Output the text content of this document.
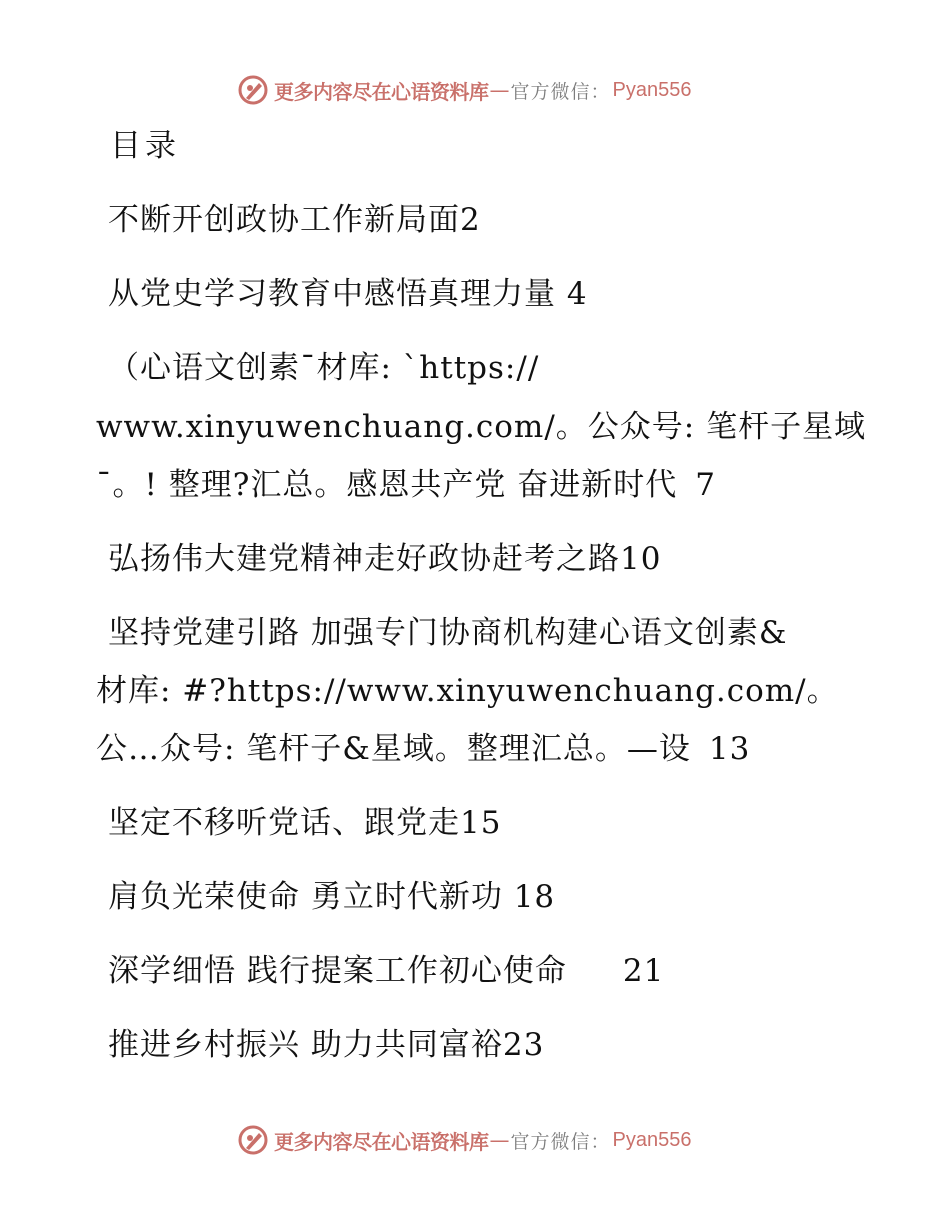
更多内容尽在心语资料库 — 官方微信： Pyan556
目录
不断开创政协工作新局面2
从党史学习教育中感悟真理力量 4
（心语文创素¯材库: `https://
www.xinyuwenchuang.com/。公众号: 笔杆子星域
¯。! 整理?汇总。感恩共产党 奋进新时代 7
弘扬伟大建党精神走好政协赶考之路10
坚持党建引路 加强专门协商机构建心语文创素&
材库: #?https://www.xinyuwenchuang.com/。
公…众号: 笔杆子&星域。整理汇总。—设 13
坚定不移听党话、跟党走15
肩负光荣使命 勇立时代新功 18
深学细悟 践行提案工作初心使命 21
推进乡村振兴 助力共同富裕23
更多内容尽在心语资料库 — 官方微信： Pyan556
